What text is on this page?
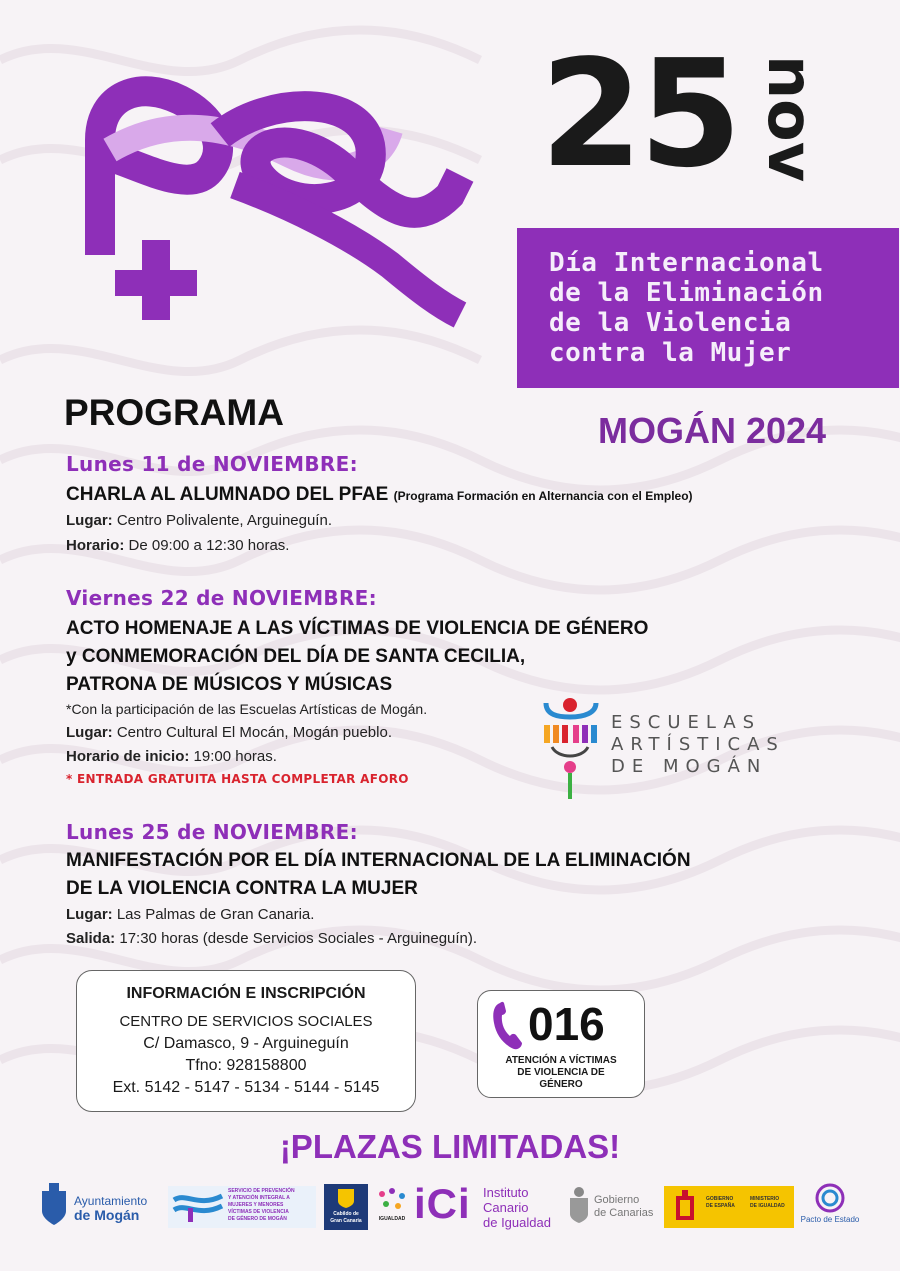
25 nov
Día Internacional
de la Eliminación
de la Violencia
contra la Mujer
PROGRAMA	MOGÁN 2024
Lunes 11 de NOVIEMBRE:
CHARLA AL ALUMNADO DEL PFAE (Programa Formación en Alternancia con el Empleo)
Lugar: Centro Polivalente, Arguineguín.
Horario: De 09:00 a 12:30 horas.
Viernes 22 de NOVIEMBRE:
ACTO HOMENAJE A LAS VÍCTIMAS DE VIOLENCIA DE GÉNERO
y CONMEMORACIÓN DEL DÍA DE SANTA CECILIA,
PATRONA DE MÚSICOS Y MÚSICAS
*Con la participación de las Escuelas Artísticas de Mogán.
Lugar: Centro Cultural El Mocán, Mogán pueblo.
Horario de inicio: 19:00 horas.
* ENTRADA GRATUITA HASTA COMPLETAR AFORO
ESCUELAS
ARTÍSTICAS
DE MOGÁN
Lunes 25 de NOVIEMBRE:
MANIFESTACIÓN POR EL DÍA INTERNACIONAL DE LA ELIMINACIÓN
DE LA VIOLENCIA CONTRA LA MUJER
Lugar: Las Palmas de Gran Canaria.
Salida: 17:30 horas (desde Servicios Sociales - Arguineguín).
INFORMACIÓN E INSCRIPCIÓN
CENTRO DE SERVICIOS SOCIALES
C/ Damasco, 9 - Arguineguín
Tfno: 928158800
Ext. 5142 - 5147 - 5134 - 5144 - 5145
016
ATENCIÓN A VÍCTIMAS
DE VIOLENCIA DE
GÉNERO
¡PLAZAS LIMITADAS!
Ayuntamiento
de Mogán
SERVICIO DE PREVENCIÓN
Y ATENCIÓN INTEGRAL A
MUJERES Y MENORES
VÍCTIMAS DE VIOLENCIA
DE GÉNERO DE MOGÁN
Cabildo de
Gran Canaria	IGUALDAD iCi Instituto
Canario
de Igualdad
Gobierno
de Canarias
GOBIERNO
DE ESPAÑA
MINISTERIO
DE IGUALDAD
Pacto de Estado
